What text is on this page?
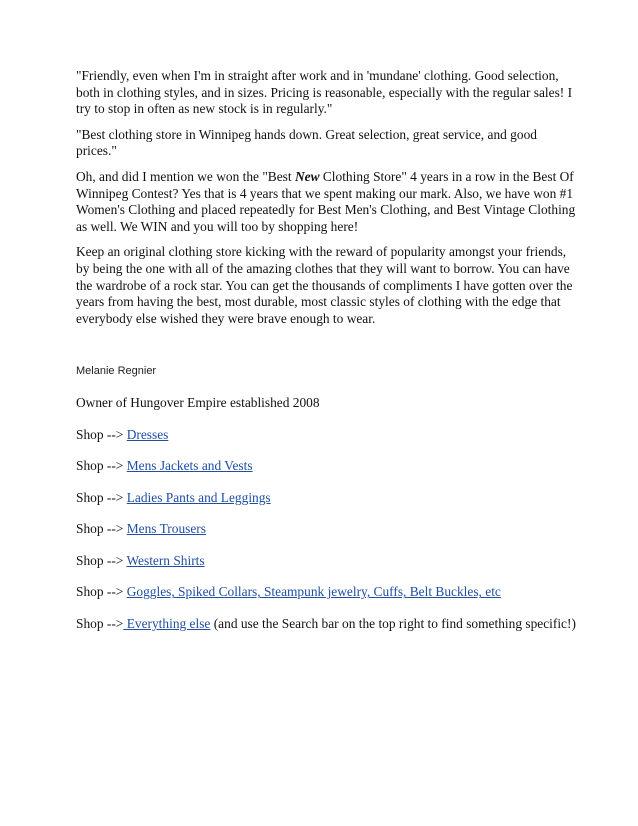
"Friendly, even when I'm in straight after work and in 'mundane' clothing. Good selection, both in clothing styles, and in sizes. Pricing is reasonable, especially with the regular sales! I try to stop in often as new stock is in regularly."

"Best clothing store in Winnipeg hands down. Great selection, great service, and good prices."

Oh, and did I mention we won the "Best New Clothing Store" 4 years in a row in the Best Of Winnipeg Contest? Yes that is 4 years that we spent making our mark. Also, we have won #1 Women's Clothing and placed repeatedly for Best Men's Clothing, and Best Vintage Clothing as well. We WIN and you will too by shopping here!

Keep an original clothing store kicking with the reward of popularity amongst your friends, by being the one with all of the amazing clothes that they will want to borrow. You can have the wardrobe of a rock star. You can get the thousands of compliments I have gotten over the years from having the best, most durable, most classic styles of clothing with the edge that everybody else wished they were brave enough to wear.

Melanie Regnier

Owner of Hungover Empire established 2008

Shop --> Dresses

Shop --> Mens Jackets and Vests

Shop --> Ladies Pants and Leggings

Shop --> Mens Trousers

Shop --> Western Shirts

Shop --> Goggles, Spiked Collars, Steampunk jewelry, Cuffs, Belt Buckles, etc

Shop --> Everything else (and use the Search bar on the top right to find something specific!)
